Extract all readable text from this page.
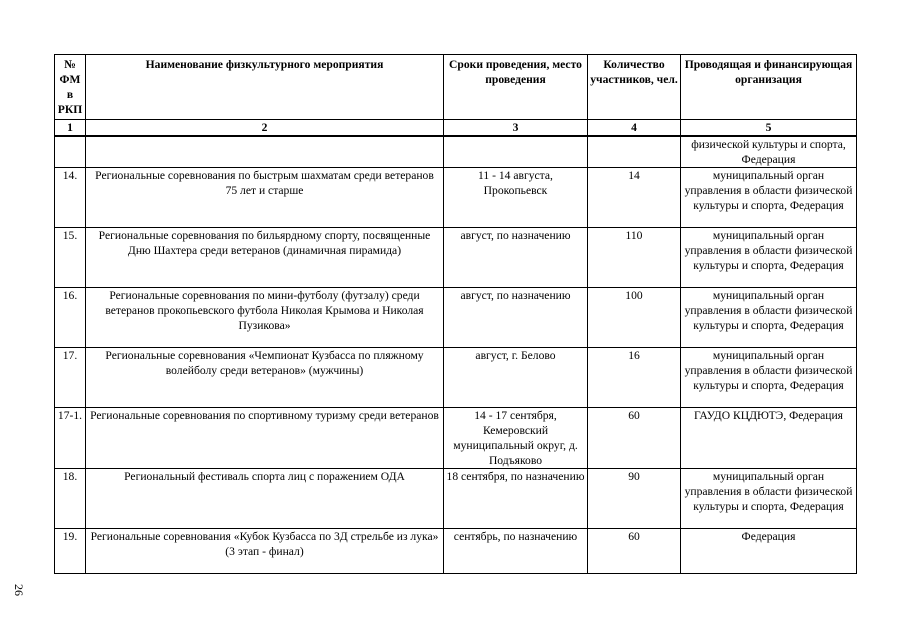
№ ФМ в РКП	Наименование физкультурного мероприятия	Сроки проведения, место проведения	Количество участников, чел.	Проводящая и финансирующая организация
1	2	3	4	5
				физической культуры и спорта, Федерация
14.	Региональные соревнования по быстрым шахматам среди ветеранов 75 лет и старше	11 - 14 августа, Прокопьевск	14	муниципальный орган управления в области физической культуры и спорта, Федерация
15.	Региональные соревнования по бильярдному спорту, посвященные Дню Шахтера среди ветеранов (динамичная пирамида)	август, по назначению	110	муниципальный орган управления в области физической культуры и спорта, Федерация
16.	Региональные соревнования по мини-футболу (футзалу) среди ветеранов прокопьевского футбола Николая Крымова и Николая Пузикова»	август, по назначению	100	муниципальный орган управления в области физической культуры и спорта, Федерация
17.	Региональные соревнования «Чемпионат Кузбасса по пляжному волейболу среди ветеранов» (мужчины)	август, г. Белово	16	муниципальный орган управления в области физической культуры и спорта, Федерация
17-1.	Региональные соревнования по спортивному туризму среди ветеранов	14 - 17 сентября, Кемеровский муниципальный округ, д. Подъяково	60	ГАУДО КЦДЮТЭ, Федерация
18.	Региональный фестиваль спорта лиц с поражением ОДА	18 сентября, по назначению	90	муниципальный орган управления в области физической культуры и спорта, Федерация
19.	Региональные соревнования «Кубок Кузбасса по 3Д стрельбе из лука» (3 этап - финал)	сентябрь, по назначению	60	Федерация
26
